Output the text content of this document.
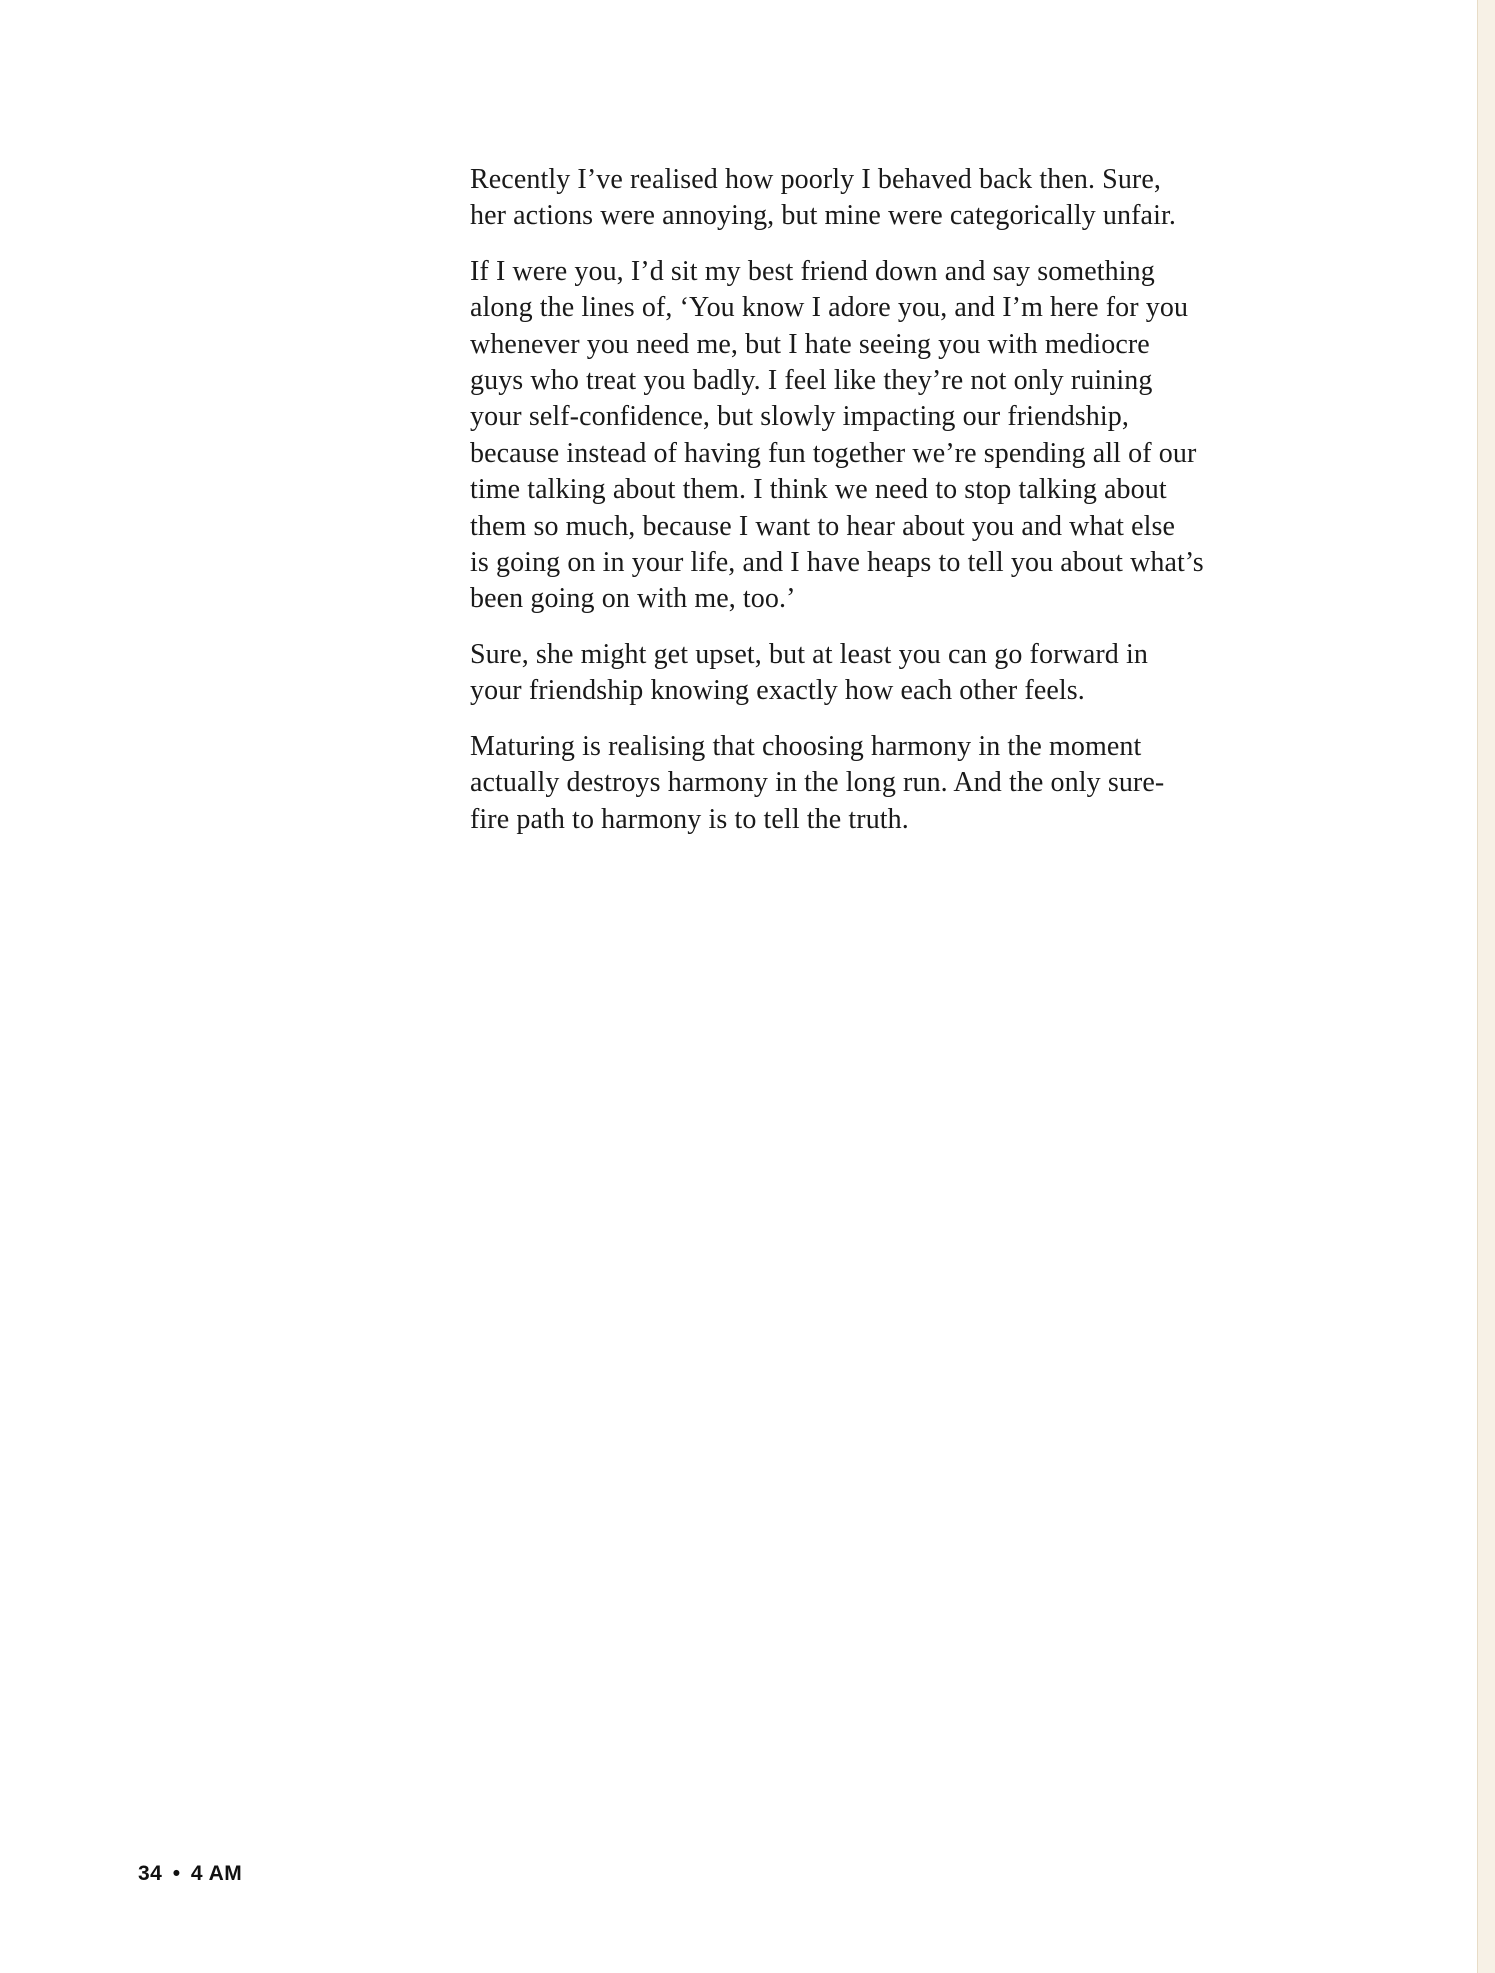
Recently I’ve realised how poorly I behaved back then. Sure,
her actions were annoying, but mine were categorically unfair.

If I were you, I’d sit my best friend down and say something
along the lines of, ‘You know I adore you, and I’m here for you
whenever you need me, but I hate seeing you with mediocre
guys who treat you badly. I feel like they’re not only ruining
your self-confidence, but slowly impacting our friendship,
because instead of having fun together we’re spending all of our
time talking about them. I think we need to stop talking about
them so much, because I want to hear about you and what else
is going on in your life, and I have heaps to tell you about what’s
been going on with me, too.’

Sure, she might get upset, but at least you can go forward in
your friendship knowing exactly how each other feels.

Maturing is realising that choosing harmony in the moment
actually destroys harmony in the long run. And the only sure-
fire path to harmony is to tell the truth.

34 • 4 AM
